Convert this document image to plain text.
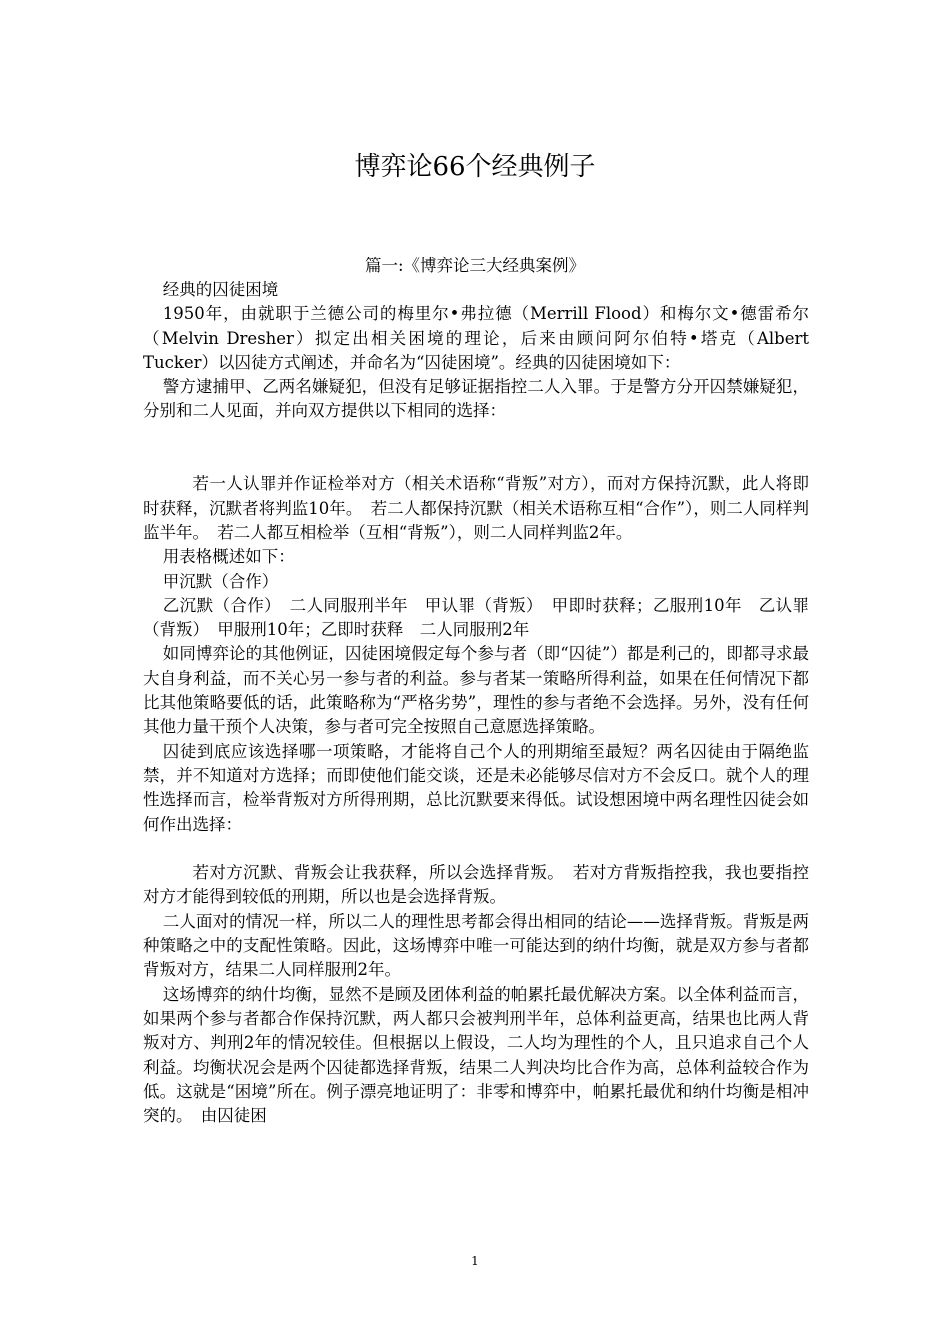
博弈论66个经典例子
篇一:《博弈论三大经典案例》

经典的囚徒困境

1950年，由就职于兰德公司的梅里尔•弗拉德（Merrill Flood）和梅尔文•德雷希尔（Melvin Dresher）拟定出相关困境的理论，后来由顾问阿尔伯特•塔克（Albert Tucker）以囚徒方式阐述，并命名为“囚徒困境”。经典的囚徒困境如下：

警方逮捕甲、乙两名嫌疑犯，但没有足够证据指控二人入罪。于是警方分开囚禁嫌疑犯，分别和二人见面，并向双方提供以下相同的选择：

若一人认罪并作证检举对方（相关术语称“背叛”对方），而对方保持沉默，此人将即时获释，沉默者将判监10年。　若二人都保持沉默（相关术语称互相“合作”），则二人同样判监半年。　若二人都互相检举（互相“背叛”），则二人同样判监2年。

用表格概述如下：

甲沉默（合作）

乙沉默（合作）　二人同服刑半年　甲认罪（背叛）　甲即时获释；乙服刑10年　乙认罪（背叛）　甲服刑10年；乙即时获释　二人同服刑2年

如同博弈论的其他例证，囚徒困境假定每个参与者（即“囚徒”）都是利己的，即都寻求最大自身利益，而不关心另一参与者的利益。参与者某一策略所得利益，如果在任何情况下都比其他策略要低的话，此策略称为“严格劣势”，理性的参与者绝不会选择。另外，没有任何其他力量干预个人决策，参与者可完全按照自己意愿选择策略。

囚徒到底应该选择哪一项策略，才能将自己个人的刑期缩至最短？两名囚徒由于隔绝监禁，并不知道对方选择；而即使他们能交谈，还是未必能够尽信对方不会反口。就个人的理性选择而言，检举背叛对方所得刑期，总比沉默要来得低。试设想困境中两名理性囚徒会如何作出选择：

若对方沉默、背叛会让我获释，所以会选择背叛。　若对方背叛指控我，我也要指控对方才能得到较低的刑期，所以也是会选择背叛。

二人面对的情况一样，所以二人的理性思考都会得出相同的结论——选择背叛。背叛是两种策略之中的支配性策略。因此，这场博弈中唯一可能达到的纳什均衡，就是双方参与者都背叛对方，结果二人同样服刑2年。

这场博弈的纳什均衡，显然不是顾及团体利益的帕累托最优解决方案。以全体利益而言，如果两个参与者都合作保持沉默，两人都只会被判刑半年，总体利益更高，结果也比两人背叛对方、判刑2年的情况较佳。但根据以上假设，二人均为理性的个人，且只追求自己个人利益。均衡状况会是两个囚徒都选择背叛，结果二人判决均比合作为高，总体利益较合作为低。这就是“困境”所在。例子漂亮地证明了：非零和博弈中，帕累托最优和纳什均衡是相冲突的。　由囚徒困

1
